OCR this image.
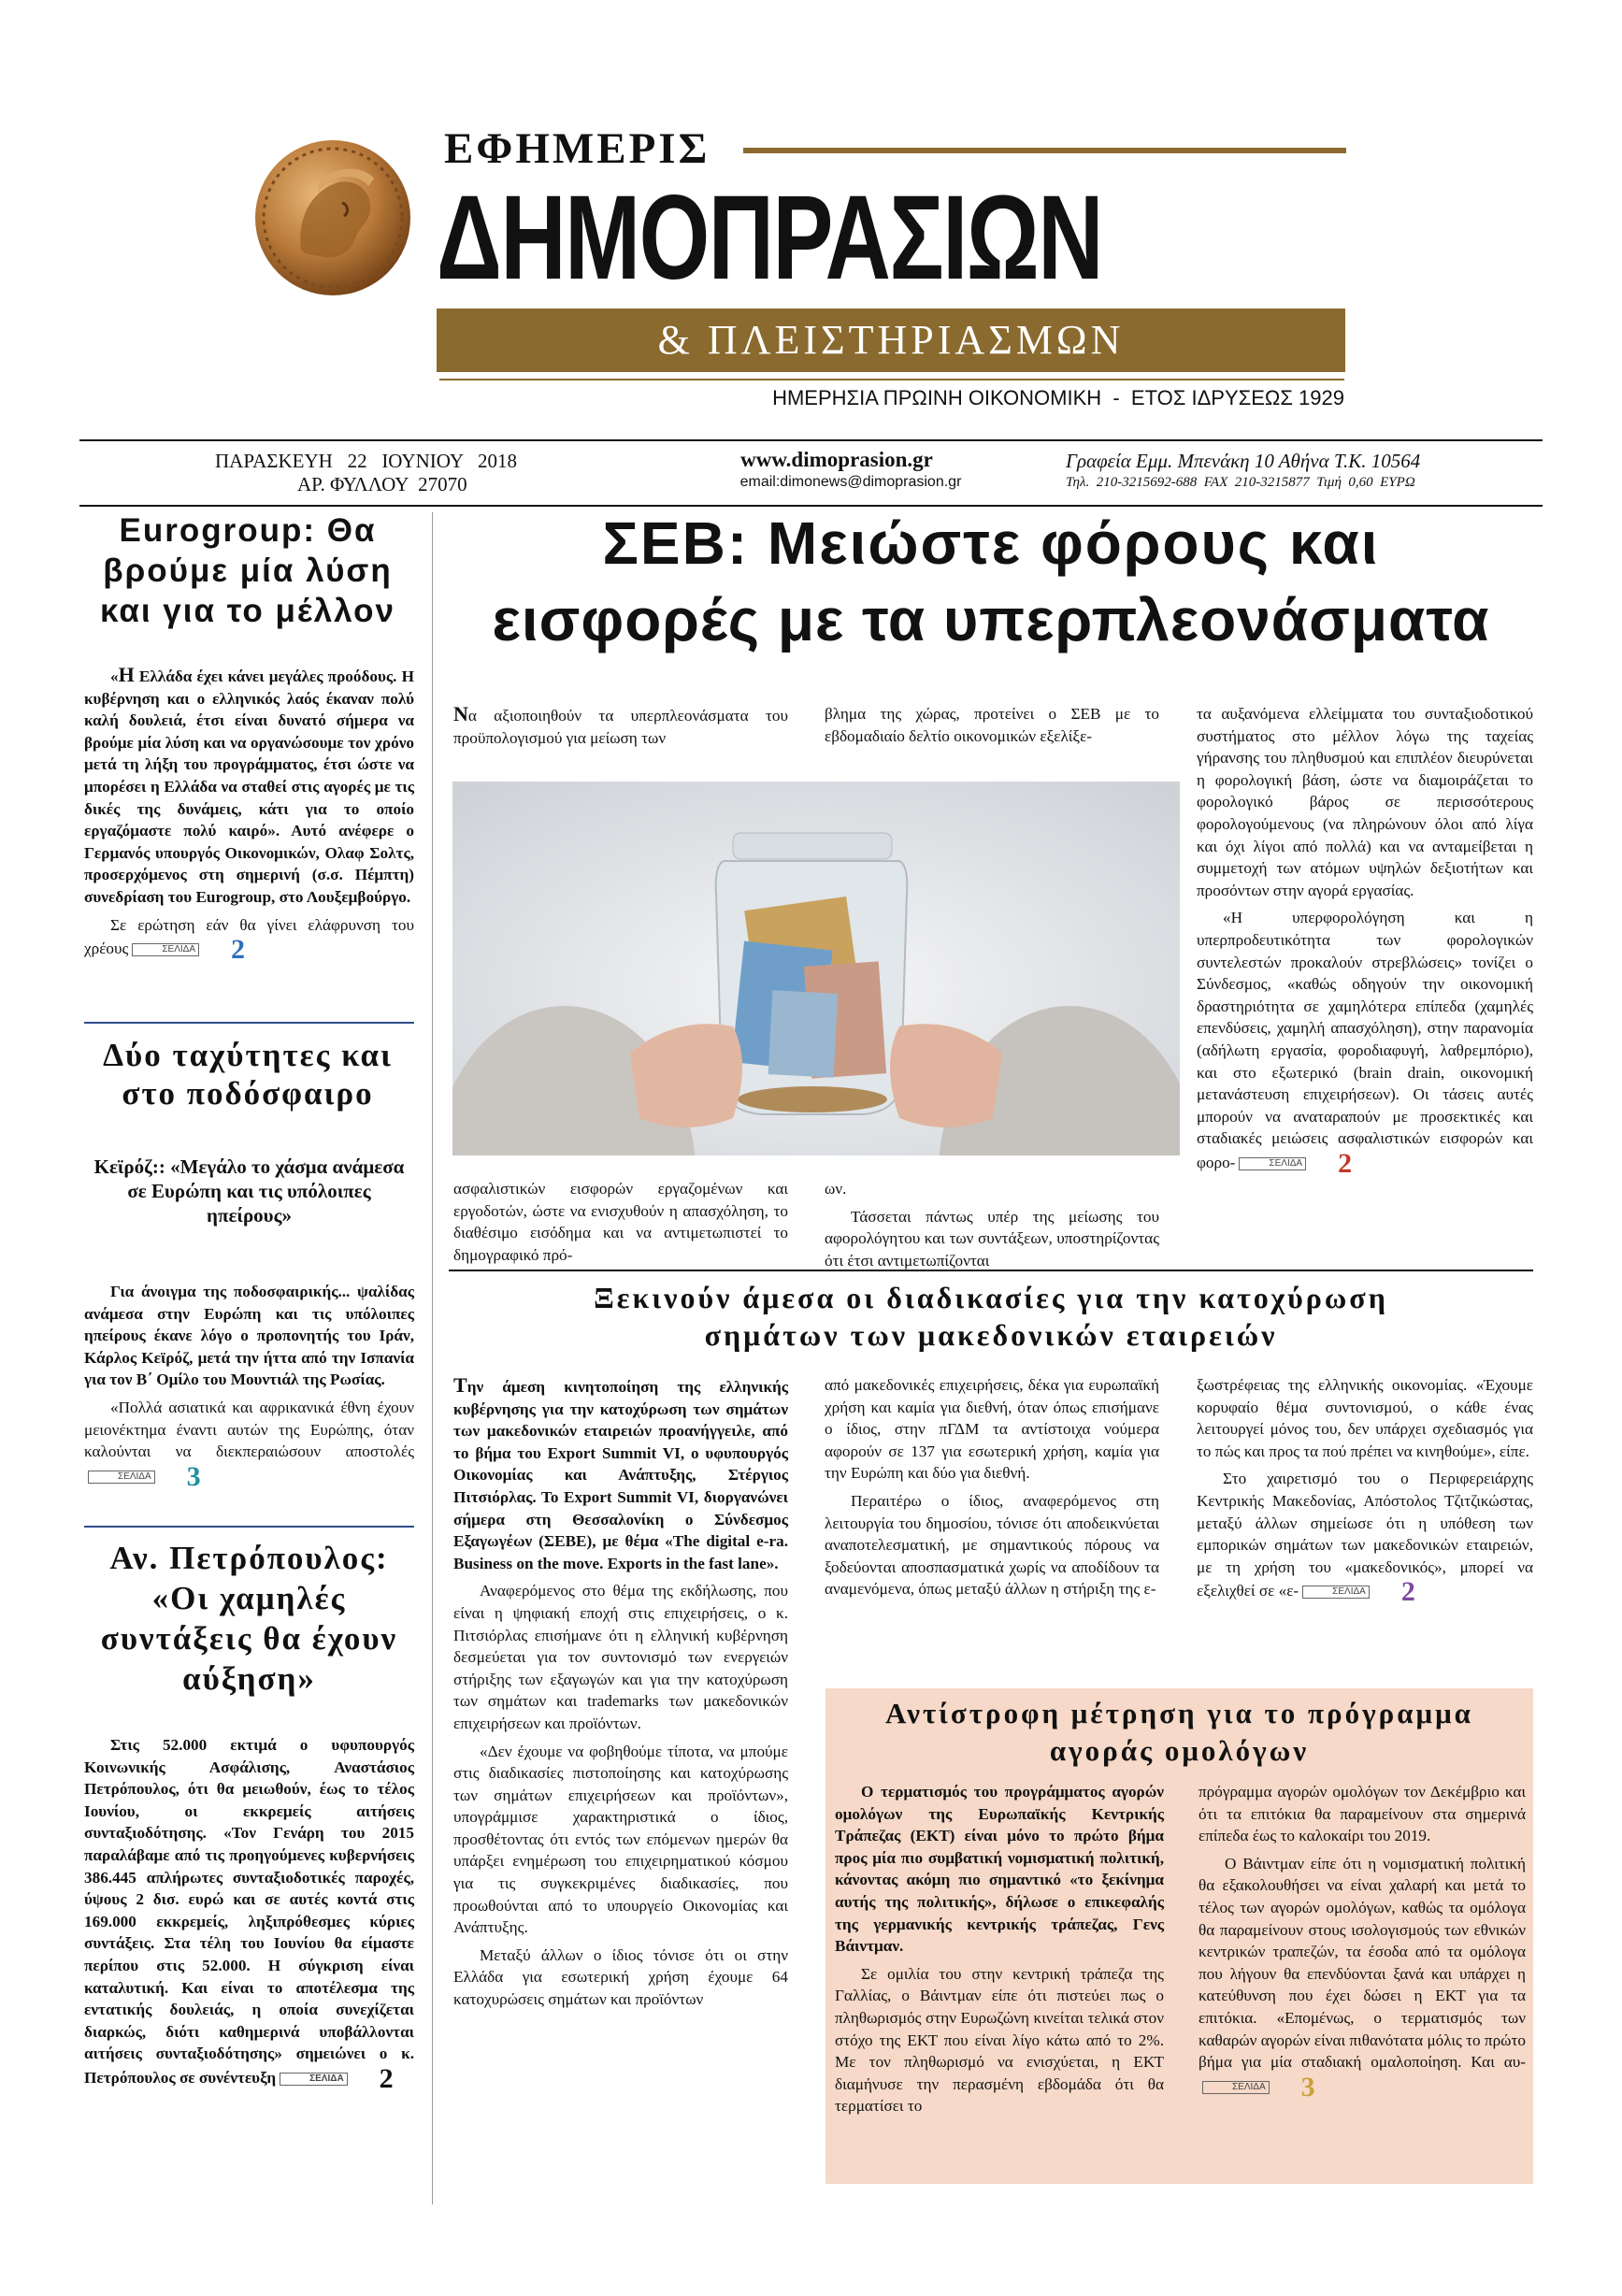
ΕΦΗΜΕΡΙΣ
ΔΗΜΟΠΡΑΣΙΩΝ
& ΠΛΕΙΣΤΗΡΙΑΣΜΩΝ
ΗΜΕΡΗΣΙΑ ΠΡΩΙΝΗ ΟΙΚΟΝΟΜΙΚΗ  -  ΕΤΟΣ ΙΔΡΥΣΕΩΣ 1929
ΠΑΡΑΣΚΕΥΗ   22   ΙΟΥΝΙΟΥ   2018
ΑΡ. ΦΥΛΛΟΥ  27070
www.dimoprasion.gr
email:dimonews@dimoprasion.gr
Γραφεία Εμμ. Μπενάκη 10 Αθήνα Τ.Κ. 10564
Τηλ.  210-3215692-688  FAX  210-3215877  Τιμή  0,60  ΕΥΡΩ
Eurogroup: Θα βρούμε μία λύση και για το μέλλον

«Η Ελλάδα έχει κάνει μεγάλες προόδους. Η κυβέρνηση και ο ελληνικός λαός έκαναν πολύ καλή δουλειά, έτσι είναι δυνατό σήμερα να βρούμε μία λύση και να οργανώσουμε τον χρόνο μετά τη λήξη του προγράμματος, έτσι ώστε να μπορέσει η Ελλάδα να σταθεί στις αγορές με τις δικές της δυνάμεις, κάτι για το οποίο εργαζόμαστε πολύ καιρό». Αυτό ανέφερε ο Γερμανός υπουργός Οικονομικών, Ολαφ Σολτς, προσερχόμενος στη σημερινή (σ.σ. Πέμπτη) συνεδρίαση του Eurogroup, στο Λουξεμβούργο.

Σε ερώτηση εάν θα γίνει ελάφρυνση του χρέους	ΣΕΛΙΔΑ	2

Δύο ταχύτητες και στο ποδόσφαιρο
Κεϊρόζ:: «Μεγάλο το χάσμα ανάμεσα σε Ευρώπη και τις υπόλοιπες ηπείρους»

Για άνοιγμα της ποδοσφαιρικής... ψαλίδας ανάμεσα στην Ευρώπη και τις υπόλοιπες ηπείρους έκανε λόγο ο προπονητής του Ιράν, Κάρλος Κεϊρόζ, μετά την ήττα από την Ισπανία για τον Β΄ Ομίλο του Μουντιάλ της Ρωσίας.

«Πολλά ασιατικά και αφρικανικά έθνη έχουν μειονέκτημα έναντι αυτών της Ευρώπης, όταν καλούνται να διεκπεραιώσουν αποστολές
ΣΕΛΙΔΑ	3

Αν. Πετρόπουλος: «Οι χαμηλές συντάξεις θα έχουν αύξηση»

Στις 52.000 εκτιμά ο υφυπουργός Κοινωνικής Ασφάλισης, Αναστάσιος Πετρόπουλος, ότι θα μειωθούν, έως το τέλος Ιουνίου, οι εκκρεμείς αιτήσεις συνταξιοδότησης. «Τον Γενάρη του 2015 παραλάβαμε από τις προηγούμενες κυβερνήσεις 386.445 απλήρωτες συνταξιοδοτικές παροχές, ύψους 2 δισ. ευρώ και σε αυτές κοντά στις 169.000 εκκρεμείς, ληξιπρόθεσμες κύριες συντάξεις. Στα τέλη του Ιουνίου θα είμαστε περίπου στις 52.000. Η σύγκριση είναι καταλυτική. Και είναι το αποτέλεσμα της εντατικής δουλειάς, η οποία συνεχίζεται διαρκώς, διότι καθημερινά υποβάλλονται αιτήσεις συνταξιοδότησης» σημειώνει ο κ. Πετρόπουλος σε συνέντευξη	ΣΕΛΙΔΑ	2

ΣΕΒ: Μειώστε φόρους και
εισφορές με τα υπερπλεονάσματα

Να αξιοποιηθούν τα υπερπλεονάσματα του προϋπολογισμού για μείωση των

βλημα της χώρας, προτείνει ο ΣΕΒ με το εβδομαδιαίο δελτίο οικονομικών εξελίξε-

ασφαλιστικών εισφορών εργαζομένων και εργοδοτών, ώστε να ενισχυθούν η απασχόληση, το διαθέσιμο εισόδημα και να αντιμετωπιστεί το δημογραφικό πρό-

ων.

Τάσσεται πάντως υπέρ της μείωσης του αφορολόγητου και των συντάξεων, υποστηρίζοντας ότι έτσι αντιμετωπίζονται

τα αυξανόμενα ελλείμματα του συνταξιοδοτικού συστήματος στο μέλλον λόγω της ταχείας γήρανσης του πληθυσμού και επιπλέον διευρύνεται η φορολογική βάση, ώστε να διαμοιράζεται το φορολογικό βάρος σε περισσότερους φορολογούμενους (να πληρώνουν όλοι από λίγα και όχι λίγοι από πολλά) και να ανταμείβεται η συμμετοχή των ατόμων υψηλών δεξιοτήτων και προσόντων στην αγορά εργασίας.

«Η υπερφορολόγηση και η υπερπροδευτικότητα των φορολογικών συντελεστών προκαλούν στρεβλώσεις» τονίζει ο Σύνδεσμος, «καθώς οδηγούν την οικονομική δραστηριότητα σε χαμηλότερα επίπεδα (χαμηλές επενδύσεις, χαμηλή απασχόληση), στην παρανομία (αδήλωτη εργασία, φοροδιαφυγή, λαθρεμπόριο), και στο εξωτερικό (brain drain, οικονομική μετανάστευση επιχειρήσεων). Οι τάσεις αυτές μπορούν να αναταραπούν με προσεκτικές και σταδιακές μειώσεις ασφαλιστικών εισφορών και φορο-	ΣΕΛΙΔΑ	2

Ξεκινούν άμεσα οι διαδικασίες για την κατοχύρωση
σημάτων των μακεδονικών εταιρειών

Την άμεση κινητοποίηση της ελληνικής κυβέρνησης για την κατοχύρωση των σημάτων των μακεδονικών εταιρειών προανήγγειλε, από το βήμα του Export Summit VI, ο υφυπουργός Οικονομίας και Ανάπτυξης, Στέργιος Πιτσιόρλας. Το Export Summit VI, διοργανώνει σήμερα στη Θεσσαλονίκη ο Σύνδεσμος Εξαγωγέων (ΣΕΒΕ), με θέμα «The digital e-ra. Business on the move. Exports in the fast lane».

Αναφερόμενος στο θέμα της εκδήλωσης, που είναι η ψηφιακή εποχή στις επιχειρήσεις, ο κ. Πιτσιόρλας επισήμανε ότι η ελληνική κυβέρνηση δεσμεύεται για τον συντονισμό των ενεργειών στήριξης των εξαγωγών και για την κατοχύρωση των σημάτων και trademarks των μακεδονικών επιχειρήσεων και προϊόντων.

«Δεν έχουμε να φοβηθούμε τίποτα, να μπούμε στις διαδικασίες πιστοποίησης και κατοχύρωσης των σημάτων επιχειρήσεων και προϊόντων», υπογράμμισε χαρακτηριστικά ο ίδιος, προσθέτοντας ότι εντός των επόμενων ημερών θα υπάρξει ενημέρωση του επιχειρηματικού κόσμου για τις συγκεκριμένες διαδικασίες, που προωθούνται από το υπουργείο Οικονομίας και Ανάπτυξης.

Μεταξύ άλλων ο ίδιος τόνισε ότι οι στην Ελλάδα για εσωτερική χρήση έχουμε 64 κατοχυρώσεις σημάτων και προϊόντων

από μακεδονικές επιχειρήσεις, δέκα για ευρωπαϊκή χρήση και καμία για διεθνή, όταν όπως επισήμανε ο ίδιος, στην πΓΔΜ τα αντίστοιχα νούμερα αφορούν σε 137 για εσωτερική χρήση, καμία για την Ευρώπη και δύο για διεθνή.

Περαιτέρω ο ίδιος, αναφερόμενος στη λειτουργία του δημοσίου, τόνισε ότι αποδεικνύεται αναποτελεσματική, με σημαντικούς πόρους να ξοδεύονται αποσπασματικά χωρίς να αποδίδουν τα αναμενόμενα, όπως μεταξύ άλλων η στήριξη της ε-

ξωστρέφειας της ελληνικής οικονομίας. «Έχουμε κορυφαίο θέμα συντονισμού, ο κάθε ένας λειτουργεί μόνος του, δεν υπάρχει σχεδιασμός για το πώς και προς τα πού πρέπει να κινηθούμε», είπε.

Στο χαιρετισμό του ο Περιφερειάρχης Κεντρικής Μακεδονίας, Απόστολος Τζιτζικώστας, μεταξύ άλλων σημείωσε ότι η υπόθεση των εμπορικών σημάτων των μακεδονικών εταιρειών, με τη χρήση του «μακεδονικός», μπορεί να εξελιχθεί σε «ε-	ΣΕΛΙΔΑ	2

Αντίστροφη μέτρηση για το πρόγραμμα
αγοράς ομολόγων

Ο τερματισμός του προγράμματος αγορών ομολόγων της Ευρωπαϊκής Κεντρικής Τράπεζας (ΕΚΤ) είναι μόνο το πρώτο βήμα προς μία πιο συμβατική νομισματική πολιτική, κάνοντας ακόμη πιο σημαντικό «το ξεκίνημα αυτής της πολιτικής», δήλωσε ο επικεφαλής της γερμανικής κεντρικής τράπεζας, Γενς Βάιντμαν.

Σε ομιλία του στην κεντρική τράπεζα της Γαλλίας, ο Βάιντμαν είπε ότι πιστεύει πως ο πληθωρισμός στην Ευρωζώνη κινείται τελικά στον στόχο της ΕΚΤ που είναι λίγο κάτω από το 2%. Με τον πληθωρισμό να ενισχύεται, η ΕΚΤ διαμήνυσε την περασμένη εβδομάδα ότι θα τερματίσει το

πρόγραμμα αγορών ομολόγων τον Δεκέμβριο και ότι τα επιτόκια θα παραμείνουν στα σημερινά επίπεδα έως το καλοκαίρι του 2019.

Ο Βάιντμαν είπε ότι η νομισματική πολιτική θα εξακολουθήσει να είναι χαλαρή και μετά το τέλος των αγορών ομολόγων, καθώς τα ομόλογα θα παραμείνουν στους ισολογισμούς των εθνικών κεντρικών τραπεζών, τα έσοδα από τα ομόλογα που λήγουν θα επενδύονται ξανά και υπάρχει η κατεύθυνση που έχει δώσει η ΕΚΤ για τα επιτόκια. «Επομένως, ο τερματισμός των καθαρών αγορών είναι πιθανότατα μόλις το πρώτο βήμα για μία σταδιακή ομαλοποίηση. Και αυ-
ΣΕΛΙΔΑ	3
